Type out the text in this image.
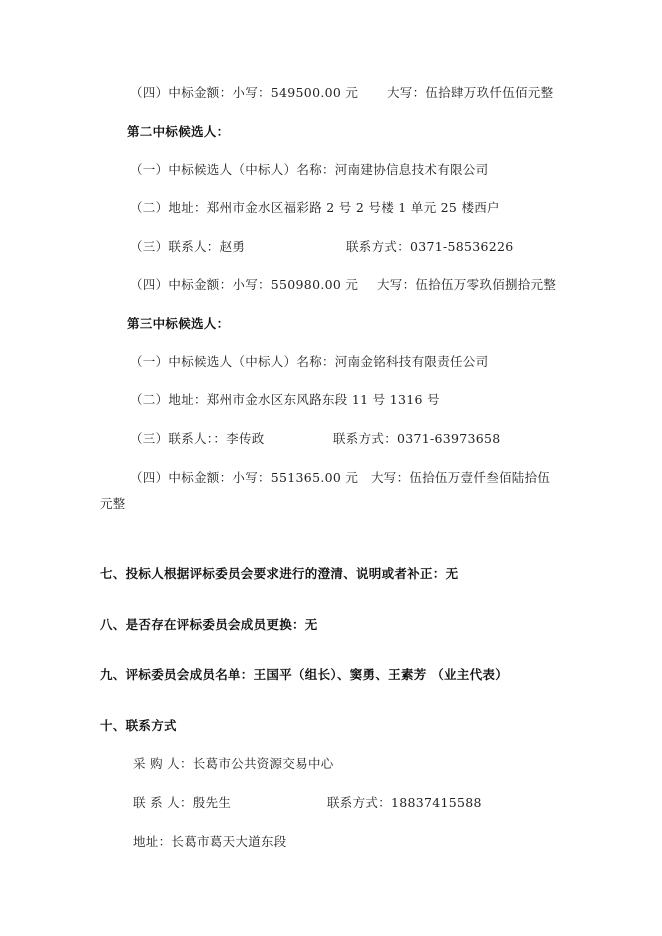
（四）中标金额：小写：549500.00 元 大写：伍拾肆万玖仟伍佰元整
第二中标候选人：
（一）中标候选人（中标人）名称：河南建协信息技术有限公司
（二）地址：郑州市金水区福彩路 2 号 2 号楼 1 单元 25 楼西户
（三）联系人：赵勇	联系方式：0371-58536226
（四）中标金额：小写：550980.00 元 大写：伍拾伍万零玖佰捌拾元整
第三中标候选人：
（一）中标候选人（中标人）名称：河南金铭科技有限责任公司
（二）地址：郑州市金水区东风路东段 11 号 1316 号
（三）联系人：：李传政	联系方式：0371-63973658
（四）中标金额：小写：551365.00 元 大写：伍拾伍万壹仟叁佰陆拾伍
元整
七、投标人根据评标委员会要求进行的澄清、说明或者补正：无
八、是否存在评标委员会成员更换：无
九、评标委员会成员名单：王国平（组长）、窦勇、王素芳 （业主代表）
十、联系方式
采 购 人：长葛市公共资源交易中心
联 系 人：殷先生	联系方式：18837415588
地址：长葛市葛天大道东段
